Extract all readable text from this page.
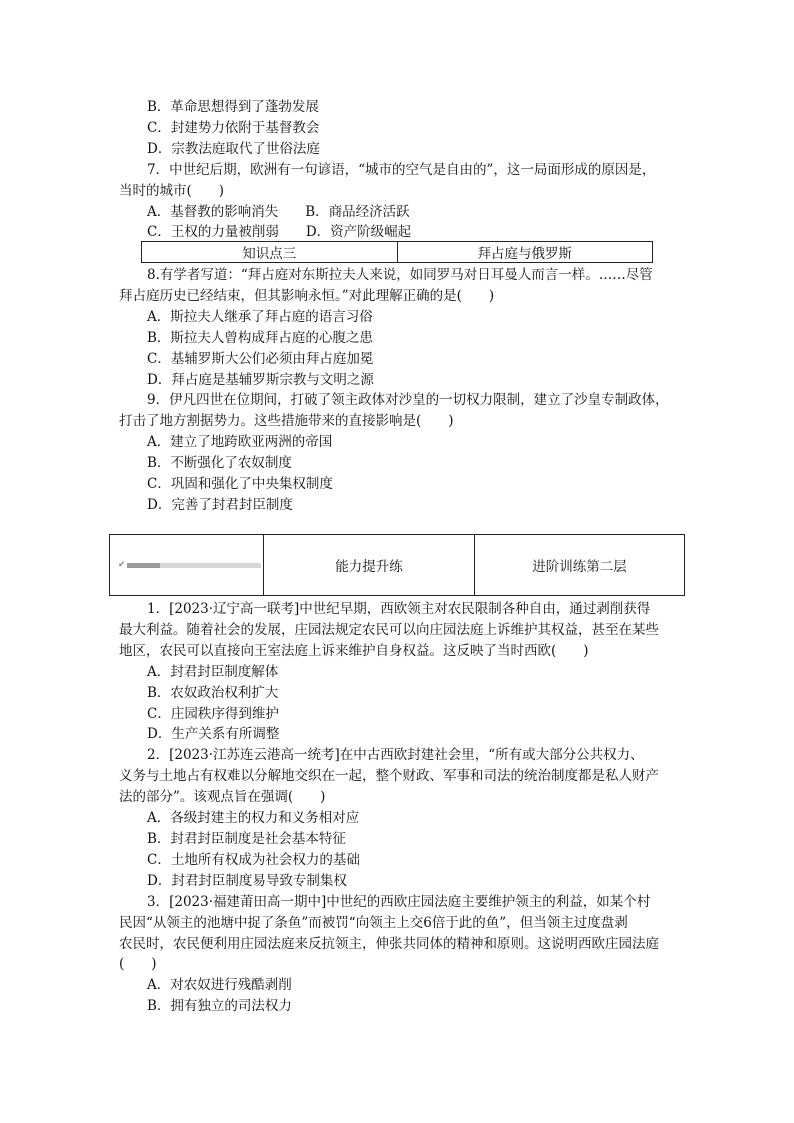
B．革命思想得到了蓬勃发展
C．封建势力依附于基督教会
D．宗教法庭取代了世俗法庭
7．中世纪后期，欧洲有一句谚语，“城市的空气是自由的”，这一局面形成的原因是，
当时的城市(　　)
A．基督教的影响消失　　B．商品经济活跃
C．王权的力量被削弱　　D．资产阶级崛起
知识点三	拜占庭与俄罗斯
8.有学者写道：“拜占庭对东斯拉夫人来说，如同罗马对日耳曼人而言一样。……尽管
拜占庭历史已经结束，但其影响永恒。”对此理解正确的是(　　)
A．斯拉夫人继承了拜占庭的语言习俗
B．斯拉夫人曾构成拜占庭的心腹之患
C．基辅罗斯大公们必须由拜占庭加冕
D．拜占庭是基辅罗斯宗教与文明之源
9．伊凡四世在位期间，打破了领主政体对沙皇的一切权力限制，建立了沙皇专制政体，
打击了地方割据势力。这些措施带来的直接影响是(　　)
A．建立了地跨欧亚两洲的帝国
B．不断强化了农奴制度
C．巩固和强化了中央集权制度
D．完善了封君封臣制度
✔	能力提升练	进阶训练第二层
1．[2023·辽宁高一联考]中世纪早期，西欧领主对农民限制各种自由，通过剥削获得
最大利益。随着社会的发展，庄园法规定农民可以向庄园法庭上诉维护其权益，甚至在某些
地区，农民可以直接向王室法庭上诉来维护自身权益。这反映了当时西欧(　　)
A．封君封臣制度解体
B．农奴政治权利扩大
C．庄园秩序得到维护
D．生产关系有所调整
2．[2023·江苏连云港高一统考]在中古西欧封建社会里，“所有或大部分公共权力、
义务与土地占有权难以分解地交织在一起，整个财政、军事和司法的统治制度都是私人财产
法的部分”。该观点旨在强调(　　)
A．各级封建主的权力和义务相对应
B．封君封臣制度是社会基本特征
C．土地所有权成为社会权力的基础
D．封君封臣制度易导致专制集权
3．[2023·福建莆田高一期中]中世纪的西欧庄园法庭主要维护领主的利益，如某个村
民因“从领主的池塘中捉了条鱼”而被罚“向领主上交6倍于此的鱼”，但当领主过度盘剥
农民时，农民便利用庄园法庭来反抗领主，伸张共同体的精神和原则。这说明西欧庄园法庭
(　　)
A．对农奴进行残酷剥削
B．拥有独立的司法权力
